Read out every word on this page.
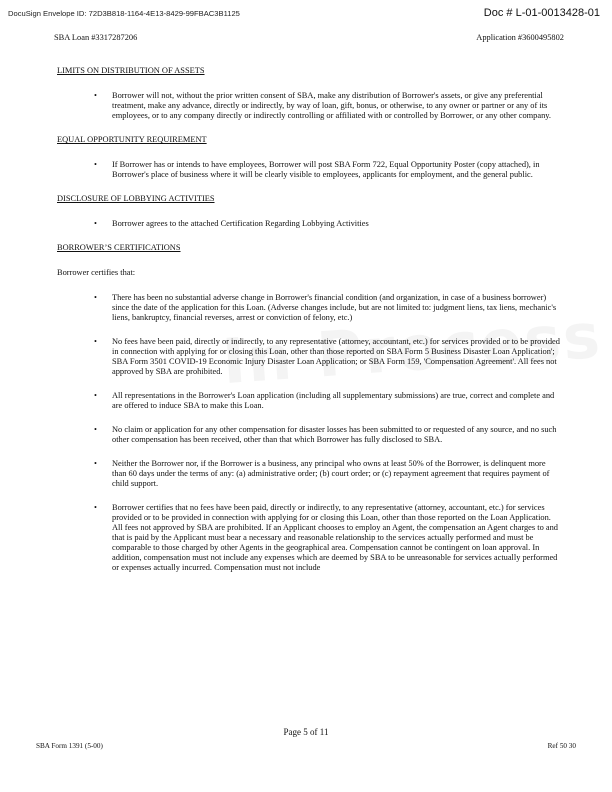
DocuSign Envelope ID: 72D3B818-1164-4E13-8429-99FBAC3B1125	Doc # L-01-0013428-01
SBA Loan #3317287206	Application #3600495802

LIMITS ON DISTRIBUTION OF ASSETS

• Borrower will not, without the prior written consent of SBA, make any distribution of Borrower's assets, or give any preferential treatment, make any advance, directly or indirectly, by way of loan, gift, bonus, or otherwise, to any owner or partner or any of its employees, or to any company directly or indirectly controlling or affiliated with or controlled by Borrower, or any other company.

EQUAL OPPORTUNITY REQUIREMENT

• If Borrower has or intends to have employees, Borrower will post SBA Form 722, Equal Opportunity Poster (copy attached), in Borrower's place of business where it will be clearly visible to employees, applicants for employment, and the general public.

DISCLOSURE OF LOBBYING ACTIVITIES

• Borrower agrees to the attached Certification Regarding Lobbying Activities

BORROWER’S CERTIFICATIONS

Borrower certifies that:

• There has been no substantial adverse change in Borrower's financial condition (and organization, in case of a business borrower) since the date of the application for this Loan. (Adverse changes include, but are not limited to: judgment liens, tax liens, mechanic's liens, bankruptcy, financial reverses, arrest or conviction of felony, etc.)
• No fees have been paid, directly or indirectly, to any representative (attorney, accountant, etc.) for services provided or to be provided in connection with applying for or closing this Loan, other than those reported on SBA Form 5 Business Disaster Loan Application'; SBA Form 3501 COVID-19 Economic Injury Disaster Loan Application; or SBA Form 159, 'Compensation Agreement'. All fees not approved by SBA are prohibited.
• All representations in the Borrower's Loan application (including all supplementary submissions) are true, correct and complete and are offered to induce SBA to make this Loan.
• No claim or application for any other compensation for disaster losses has been submitted to or requested of any source, and no such other compensation has been received, other than that which Borrower has fully disclosed to SBA.
• Neither the Borrower nor, if the Borrower is a business, any principal who owns at least 50% of the Borrower, is delinquent more than 60 days under the terms of any: (a) administrative order; (b) court order; or (c) repayment agreement that requires payment of child support.
• Borrower certifies that no fees have been paid, directly or indirectly, to any representative (attorney, accountant, etc.) for services provided or to be provided in connection with applying for or closing this Loan, other than those reported on the Loan Application. All fees not approved by SBA are prohibited. If an Applicant chooses to employ an Agent, the compensation an Agent charges to and that is paid by the Applicant must bear a necessary and reasonable relationship to the services actually performed and must be comparable to those charged by other Agents in the geographical area. Compensation cannot be contingent on loan approval. In addition, compensation must not include any expenses which are deemed by SBA to be unreasonable for services actually performed or expenses actually incurred. Compensation must not include
Page 5 of 11
SBA Form 1391 (5-00)	Ref 50 30
